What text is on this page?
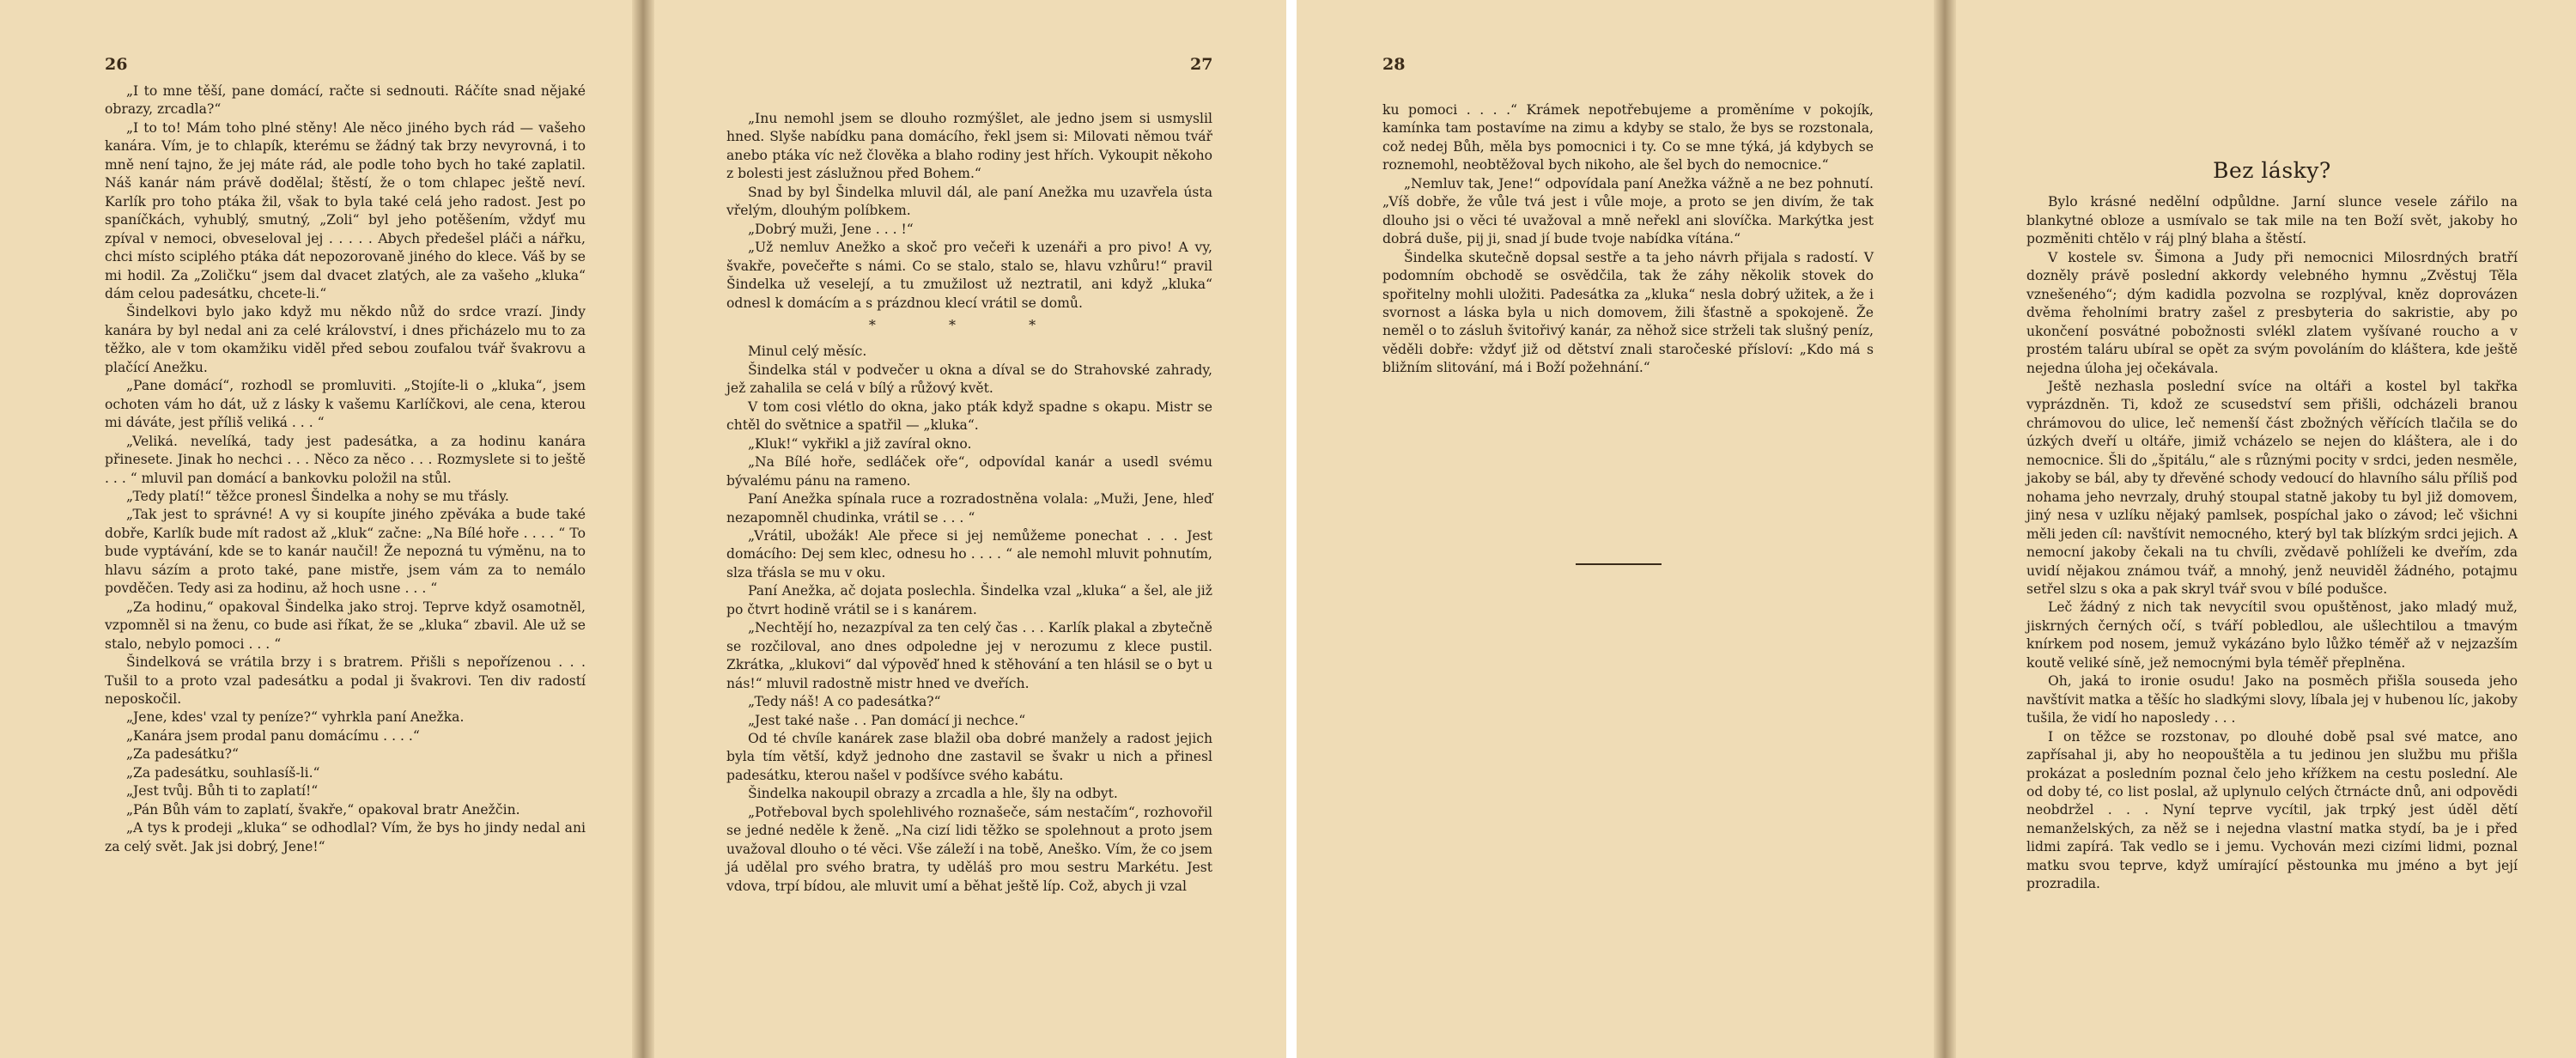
26

„I to mne těší, pane domácí, račte si sednouti. Ráčíte snad nějaké obrazy, zrcadla?“

„I to to! Mám toho plné stěny! Ale něco jiného bych rád — vašeho kanára. Vím, je to chlapík, kterému se žádný tak brzy nevyrovná, i to mně není tajno, že jej máte rád, ale podle toho bych ho také zaplatil. Náš kanár nám právě dodělal; štěstí, že o tom chlapec ještě neví. Karlík pro toho ptáka žil, však to byla také celá jeho radost. Jest po spaníčkách, vyhublý, smutný, „Zoli“ byl jeho potěšením, vždyť mu zpíval v nemoci, obveseloval jej . . . . . Abych předešel pláči a nářku, chci místo sciplého ptáka dát nepozorovaně jiného do klece. Váš by se mi hodil. Za „Zoličku“ jsem dal dvacet zlatých, ale za vašeho „kluka“ dám celou padesátku, chcete-li.“

Šindelkovi bylo jako když mu někdo nůž do srdce vrazí. Jindy kanára by byl nedal ani za celé království, i dnes přicházelo mu to za těžko, ale v tom okamžiku viděl před sebou zoufalou tvář švakrovu a plačící Anežku.

„Pane domácí“, rozhodl se promluviti. „Stojíte-li o „kluka“, jsem ochoten vám ho dát, už z lásky k vašemu Karlíčkovi, ale cena, kterou mi dáváte, jest příliš veliká . . . “

„Veliká. nevelíká, tady jest padesátka, a za hodinu kanára přinesete. Jinak ho nechci . . . Něco za něco . . . Rozmyslete si to ještě . . . “ mluvil pan domácí a bankovku položil na stůl.

„Tedy platí!“ těžce pronesl Šindelka a nohy se mu třásly.

„Tak jest to správné! A vy si koupíte jiného zpěváka a bude také dobře, Karlík bude mít radost až „kluk“ začne: „Na Bílé hoře . . . . “ To bude vyptávání, kde se to kanár naučil! Že nepozná tu výměnu, na to hlavu sázím a proto také, pane mistře, jsem vám za to nemálo povděčen. Tedy asi za hodinu, až hoch usne . . . “

„Za hodinu,“ opakoval Šindelka jako stroj. Teprve když osamotněl, vzpomněl si na ženu, co bude asi říkat, že se „kluka“ zbavil. Ale už se stalo, nebylo pomoci . . . “

Šindelková se vrátila brzy i s bratrem. Přišli s nepořízenou . . . Tušil to a proto vzal padesátku a podal ji švakrovi. Ten div radostí neposkočil.

„Jene, kdes' vzal ty peníze?“ vyhrkla paní Anežka.

„Kanára jsem prodal panu domácímu . . . .“

„Za padesátku?“

„Za padesátku, souhlasíš-li.“

„Jest tvůj. Bůh ti to zaplatí!“

„Pán Bůh vám to zaplatí, švakře,“ opakoval bratr Anežčin.

„A tys k prodeji „kluka“ se odhodlal? Vím, že bys ho jindy nedal ani za celý svět. Jak jsi dobrý, Jene!“

27

„Inu nemohl jsem se dlouho rozmýšlet, ale jedno jsem si usmyslil hned. Slyše nabídku pana domácího, řekl jsem si: Milovati němou tvář anebo ptáka víc než člověka a blaho rodiny jest hřích. Vykoupit někoho z bolesti jest záslužnou před Bohem.“

Snad by byl Šindelka mluvil dál, ale paní Anežka mu uzavřela ústa vřelým, dlouhým políbkem.

„Dobrý muži, Jene . . . !“

„Už nemluv Anežko a skoč pro večeři k uzenáři a pro pivo! A vy, švakře, povečeřte s námi. Co se stalo, stalo se, hlavu vzhůru!“ pravil Šindelka už veselejí, a tu zmužilost už neztratil, ani když „kluka“ odnesl k domácím a s prázdnou klecí vrátil se domů.

* * *

Minul celý měsíc.

Šindelka stál v podvečer u okna a díval se do Strahovské zahrady, jež zahalila se celá v bílý a růžový květ.

V tom cosi vlétlo do okna, jako pták když spadne s okapu. Mistr se chtěl do světnice a spatřil — „kluka“.

„Kluk!“ vykřikl a již zavíral okno.

„Na Bílé hoře, sedláček oře“, odpovídal kanár a usedl svému bývalému pánu na rameno.

Paní Anežka spínala ruce a rozradostněna volala: „Muži, Jene, hleď nezapomněl chudinka, vrátil se . . . “

„Vrátil, ubožák! Ale přece si jej nemůžeme ponechat . . . Jest domácího: Dej sem klec, odnesu ho . . . . “ ale nemohl mluvit pohnutím, slza třásla se mu v oku.

Paní Anežka, ač dojata poslechla. Šindelka vzal „kluka“ a šel, ale již po čtvrt hodině vrátil se i s kanárem.

„Nechtějí ho, nezazpíval za ten celý čas . . . Karlík plakal a zbytečně se rozčiloval, ano dnes odpoledne jej v nerozumu z klece pustil. Zkrátka, „klukovi“ dal výpověď hned k stěhování a ten hlásil se o byt u nás!“ mluvil radostně mistr hned ve dveřích.

„Tedy náš! A co padesátka?“

„Jest také naše . . Pan domácí ji nechce.“

Od té chvíle kanárek zase blažil oba dobré manžely a radost jejich byla tím větší, když jednoho dne zastavil se švakr u nich a přinesl padesátku, kterou našel v podšívce svého kabátu.

Šindelka nakoupil obrazy a zrcadla a hle, šly na odbyt.

„Potřeboval bych spolehlivého roznašeče, sám nestačím“, rozhovořil se jedné neděle k ženě. „Na cizí lidi těžko se spolehnout a proto jsem uvažoval dlouho o té věci. Vše záleží i na tobě, Aneško. Vím, že co jsem já udělal pro svého bratra, ty uděláš pro mou sestru Markétu. Jest vdova, trpí bídou, ale mluvit umí a běhat ještě líp. Což, abych ji vzal

28

ku pomoci . . . .“ Krámek nepotřebujeme a proměníme v pokojík, kamínka tam postavíme na zimu a kdyby se stalo, že bys se rozstonala, což nedej Bůh, měla bys pomocnici i ty. Co se mne týká, já kdybych se roznemohl, neobtěžoval bych nikoho, ale šel bych do nemocnice.“

„Nemluv tak, Jene!“ odpovídala paní Anežka vážně a ne bez pohnutí. „Víš dobře, že vůle tvá jest i vůle moje, a proto se jen divím, že tak dlouho jsi o věci té uvažoval a mně neřekl ani slovíčka. Markýtka jest dobrá duše, pij ji, snad jí bude tvoje nabídka vítána.“

Šindelka skutečně dopsal sestře a ta jeho návrh přijala s radostí. V podomním obchodě se osvědčila, tak že záhy několik stovek do spořitelny mohli uložiti. Padesátka za „kluka“ nesla dobrý užitek, a že i svornost a láska byla u nich domovem, žili šťastně a spokojeně. Že neměl o to zásluh švitořivý kanár, za něhož sice strželi tak slušný peníz, věděli dobře: vždyť již od dětství znali staročeské přísloví: „Kdo má s bližním slitování, má i Boží požehnání.“

Bez lásky?

Bylo krásné nedělní odpůldne. Jarní slunce vesele zářilo na blankytné obloze a usmívalo se tak mile na ten Boží svět, jakoby ho pozměniti chtělo v ráj plný blaha a štěstí.

V kostele sv. Šimona a Judy při nemocnici Milosrdných bratří dozněly právě poslední akkordy velebného hymnu „Zvěstuj Těla vznešeného“; dým kadidla pozvolna se rozplýval, kněz doprovázen dvěma řeholními bratry zašel z presbyteria do sakristie, aby po ukončení posvátné pobožnosti svlékl zlatem vyšívané roucho a v prostém taláru ubíral se opět za svým povoláním do kláštera, kde ještě nejedna úloha jej očekávala.

Ještě nezhasla poslední svíce na oltáři a kostel byl takřka vyprázdněn. Ti, kdož ze scusedství sem přišli, odcházeli branou chrámovou do ulice, leč nemenší část zbožných věřících tlačila se do úzkých dveří u oltáře, jimiž vcházelo se nejen do kláštera, ale i do nemocnice. Šli do „špitálu,“ ale s různými pocity v srdci, jeden nesměle, jakoby se bál, aby ty dřevěné schody vedoucí do hlavního sálu příliš pod nohama jeho nevrzaly, druhý stoupal statně jakoby tu byl již domovem, jiný nesa v uzlíku nějaký pamlsek, pospíchal jako o závod; leč všichni měli jeden cíl: navštívit nemocného, který byl tak blízkým srdci jejich. A nemocní jakoby čekali na tu chvíli, zvědavě pohlíželi ke dveřím, zda uvidí nějakou známou tvář, a mnohý, jenž neuviděl žádného, potajmu setřel slzu s oka a pak skryl tvář svou v bílé podušce.

Leč žádný z nich tak nevycítil svou opuštěnost, jako mladý muž, jiskrných černých očí, s tváří pobledlou, ale ušlechtilou a tmavým knírkem pod nosem, jemuž vykázáno bylo lůžko téměř až v nejzazším koutě veliké síně, jež nemocnými byla téměř přeplněna.

Oh, jaká to ironie osudu! Jako na posměch přišla souseda jeho navštívit matka a těšíc ho sladkými slovy, líbala jej v hubenou líc, jakoby tušila, že vidí ho naposledy . . .

I on těžce se rozstonav, po dlouhé době psal své matce, ano zapřísahal ji, aby ho neopouštěla a tu jedinou jen službu mu přišla prokázat a posledním poznal čelo jeho křížkem na cestu poslední. Ale od doby té, co list poslal, až uplynulo celých čtrnácte dnů, ani odpovědi neobdržel . . . Nyní teprve vycítil, jak trpký jest úděl dětí nemanželských, za něž se i nejedna vlastní matka stydí, ba je i před lidmi zapírá. Tak vedlo se i jemu. Vychován mezi cizími lidmi, poznal matku svou teprve, když umírající pěstounka mu jméno a byt její prozradila.
